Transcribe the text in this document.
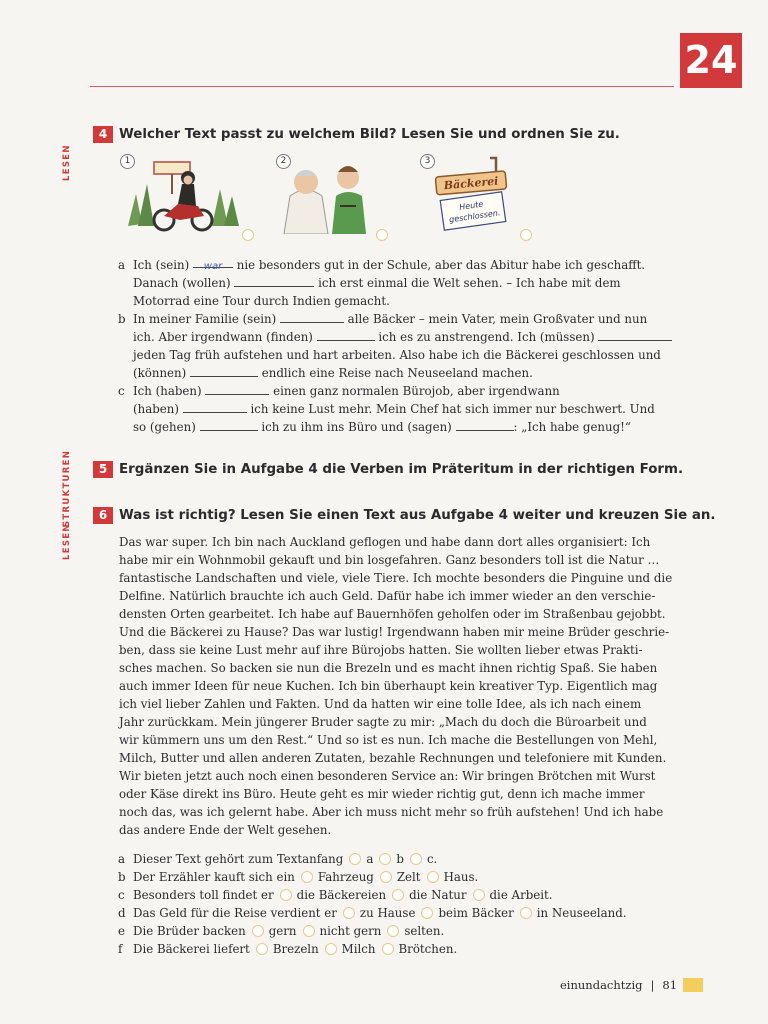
24
LESEN
STRUKTUREN
LESEN
4 Welcher Text passt zu welchem Bild? Lesen Sie und ordnen Sie zu.
1	2
Bäckerei
Heute
geschlossen.
3
a Ich (sein) war nie besonders gut in der Schule, aber das Abitur habe ich geschafft.
Danach (wollen)	ich erst einmal die Welt sehen. – Ich habe mit dem
Motorrad eine Tour durch Indien gemacht.
b In meiner Familie (sein)	alle Bäcker – mein Vater, mein Großvater und nun
ich. Aber irgendwann (finden)	ich es zu anstrengend. Ich (müssen)
jeden Tag früh aufstehen und hart arbeiten. Also habe ich die Bäckerei geschlossen und
(können)	endlich eine Reise nach Neuseeland machen.
c Ich (haben)	einen ganz normalen Bürojob, aber irgendwann
(haben)	ich keine Lust mehr. Mein Chef hat sich immer nur beschwert. Und
so (gehen)	ich zu ihm ins Büro und (sagen)	: „Ich habe genug!“
5 Ergänzen Sie in Aufgabe 4 die Verben im Präteritum in der richtigen Form.
6 Was ist richtig? Lesen Sie einen Text aus Aufgabe 4 weiter und kreuzen Sie an.
Das war super. Ich bin nach Auckland geflogen und habe dann dort alles organisiert: Ich
habe mir ein Wohnmobil gekauft und bin losgefahren. Ganz besonders toll ist die Natur …
fantastische Landschaften und viele, viele Tiere. Ich mochte besonders die Pinguine und die
Delfine. Natürlich brauchte ich auch Geld. Dafür habe ich immer wieder an den verschie-
densten Orten gearbeitet. Ich habe auf Bauernhöfen geholfen oder im Straßenbau gejobbt.
Und die Bäckerei zu Hause? Das war lustig! Irgendwann haben mir meine Brüder geschrie-
ben, dass sie keine Lust mehr auf ihre Bürojobs hatten. Sie wollten lieber etwas Prakti-
sches machen. So backen sie nun die Brezeln und es macht ihnen richtig Spaß. Sie haben
auch immer Ideen für neue Kuchen. Ich bin überhaupt kein kreativer Typ. Eigentlich mag
ich viel lieber Zahlen und Fakten. Und da hatten wir eine tolle Idee, als ich nach einem
Jahr zurückkam. Mein jüngerer Bruder sagte zu mir: „Mach du doch die Büroarbeit und
wir kümmern uns um den Rest.“ Und so ist es nun. Ich mache die Bestellungen von Mehl,
Milch, Butter und allen anderen Zutaten, bezahle Rechnungen und telefoniere mit Kunden.
Wir bieten jetzt auch noch einen besonderen Service an: Wir bringen Brötchen mit Wurst
oder Käse direkt ins Büro. Heute geht es mir wieder richtig gut, denn ich mache immer
noch das, was ich gelernt habe. Aber ich muss nicht mehr so früh aufstehen! Und ich habe
das andere Ende der Welt gesehen.
a Dieser Text gehört zum Textanfang a b c.
b Der Erzähler kauft sich ein Fahrzeug Zelt Haus.
c Besonders toll findet er die Bäckereien die Natur die Arbeit.
d Das Geld für die Reise verdient er zu Hause beim Bäcker in Neuseeland.
e Die Brüder backen gern nicht gern selten.
f Die Bäckerei liefert Brezeln Milch Brötchen.
einundachtzig | 81
